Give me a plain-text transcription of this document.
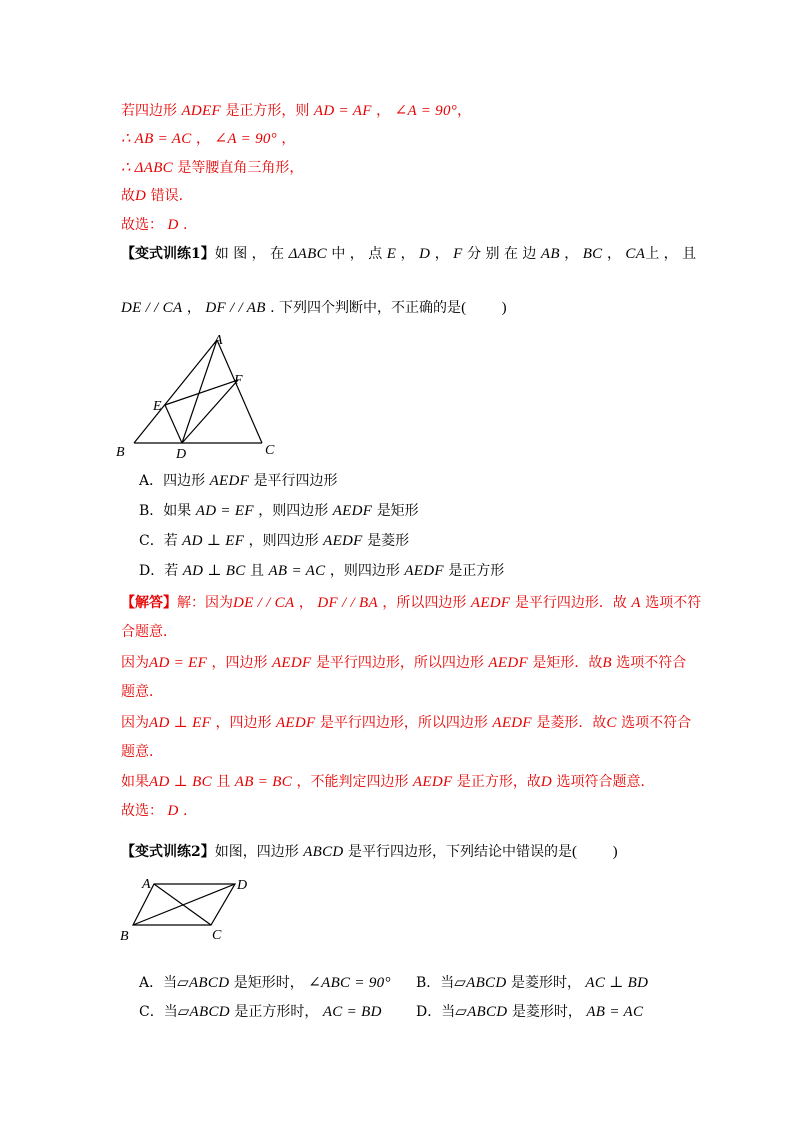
若四边形 ADEF 是正方形，则 AD = AF ， ∠A = 90°，
∴ AB = AC ， ∠A = 90° ，
∴ ΔABC 是等腰直角三角形，
故D 错误.
故选： D .
【变式训练1】如 图 ， 在 ΔABC 中 ， 点 E ， D ， F 分 别 在 边 AB ， BC ， CA上 ， 且
DE / / CA ， DF / / AB . 下列四个判断中，不正确的是( )
A
B	C
D
E
F
A．四边形 AEDF 是平行四边形
B．如果 AD = EF ，则四边形 AEDF 是矩形
C．若 AD ⊥ EF ，则四边形 AEDF 是菱形
D．若 AD ⊥ BC 且 AB = AC ，则四边形 AEDF 是正方形
【解答】解：因为DE / / CA ， DF / / BA ，所以四边形 AEDF 是平行四边形．故 A 选项不符
合题意．
因为AD = EF ，四边形 AEDF 是平行四边形，所以四边形 AEDF 是矩形．故B 选项不符合
题意．
因为AD ⊥ EF ，四边形 AEDF 是平行四边形，所以四边形 AEDF 是菱形．故C 选项不符合
题意．
如果AD ⊥ BC 且 AB = BC ，不能判定四边形 AEDF 是正方形，故D 选项符合题意．
故选： D .
【变式训练2】如图，四边形 ABCD 是平行四边形，下列结论中错误的是( )
A	D
B	C
A．当▱ABCD 是矩形时， ∠ABC = 90° B．当▱ABCD 是菱形时， AC ⊥ BD
C．当▱ABCD 是正方形时， AC = BD D．当▱ABCD 是菱形时， AB = AC
